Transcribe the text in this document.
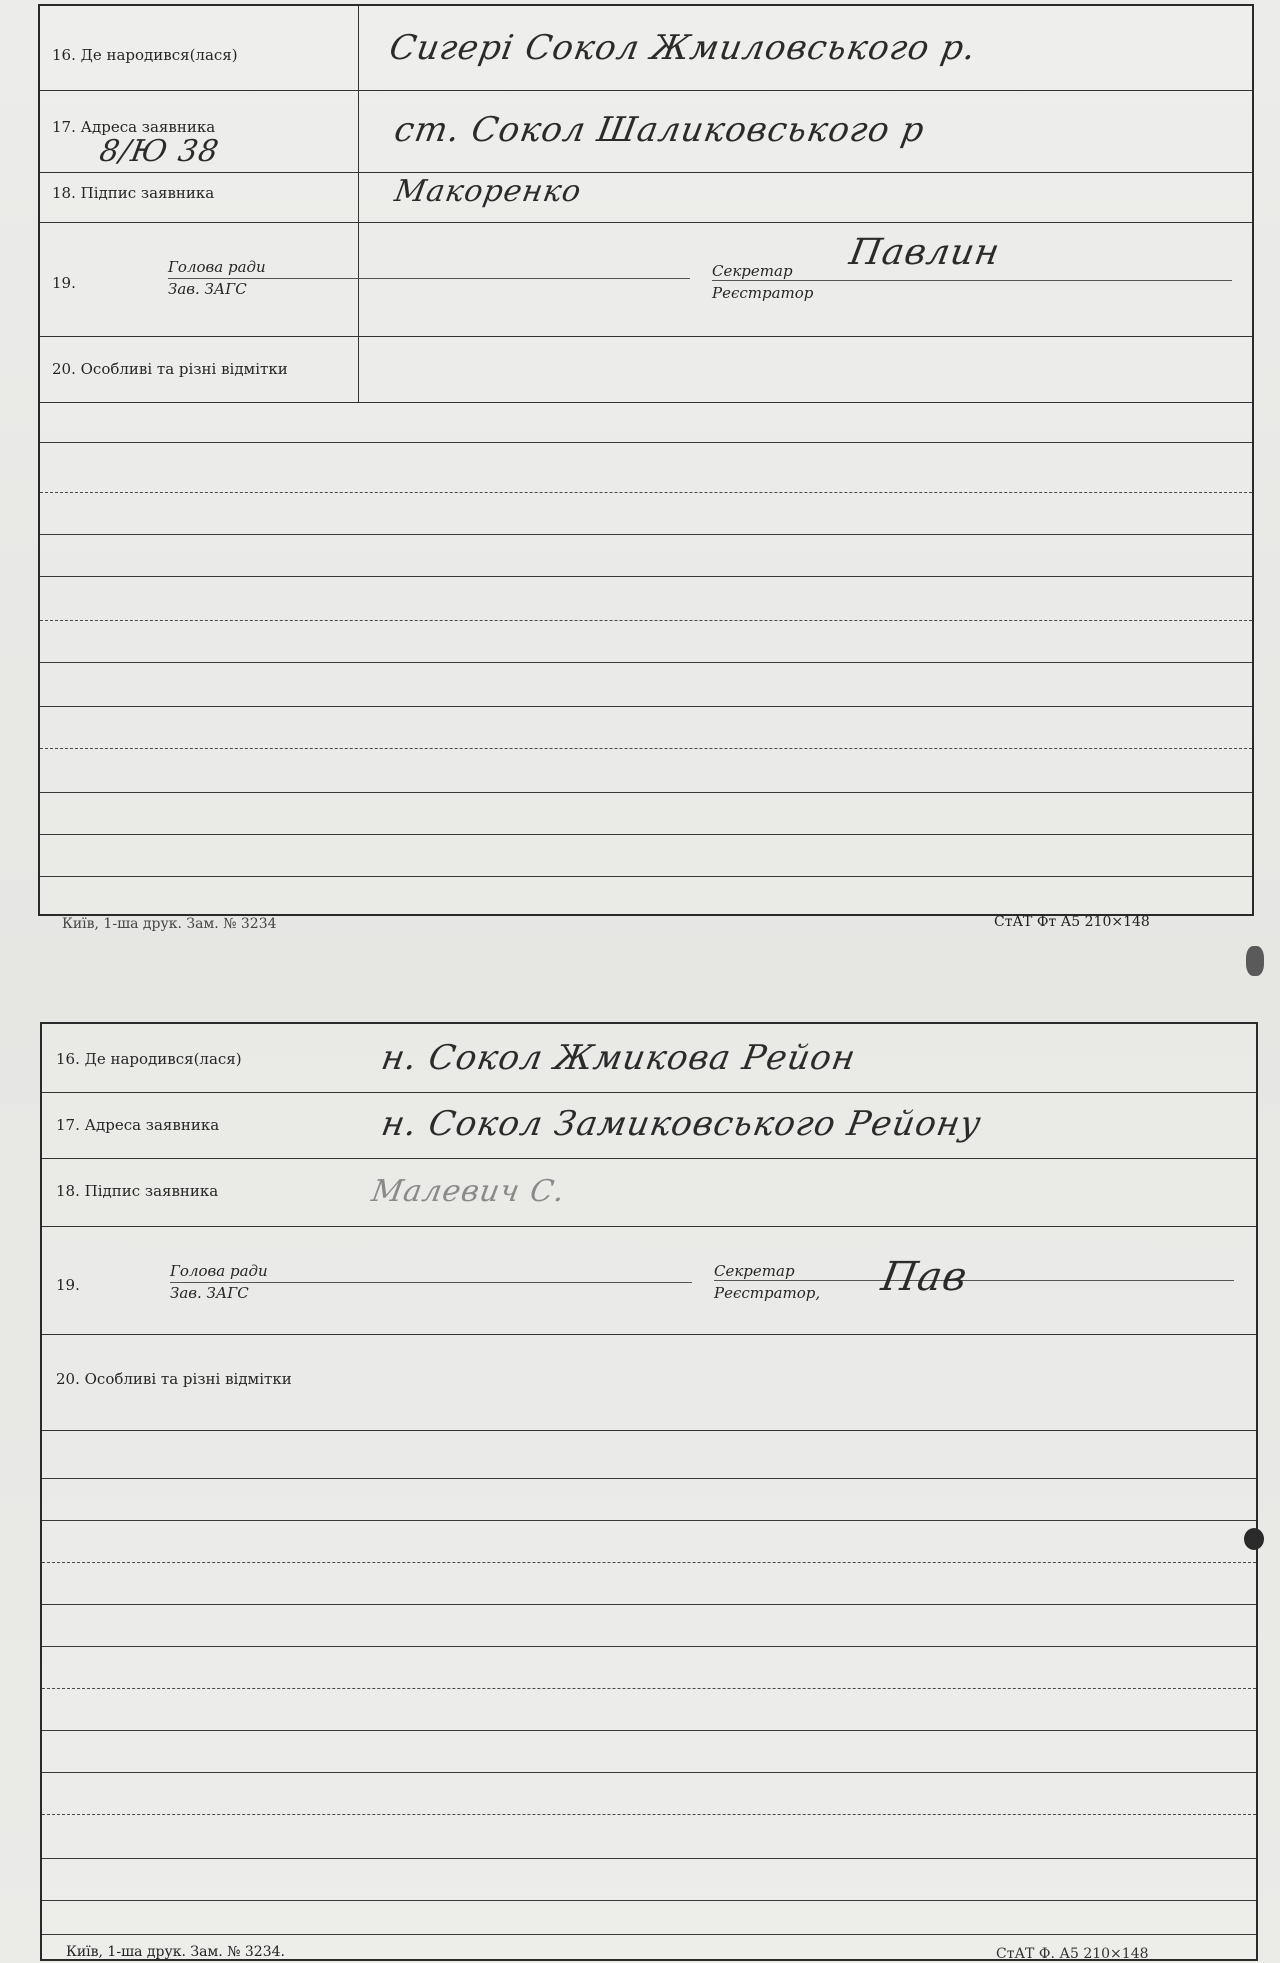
16. Де народився(лася)	Сигері Сокол Жмиловського р.
17. Адреса заявника	ст. Сокол Шаликовського р
8/Ю 38
18. Підпис заявника	Макоренко
19.
Голова ради
Зав. ЗАГС
Секретар
Реєстратор
Павлин
20. Особливі та різні відмітки
Київ, 1-ша друк. Зам. № 3234	СтАТ Фт А5 210×148
16. Де народився(лася)	н. Сокол Жмикова Рейон
17. Адреса заявника	н. Сокол Замиковського Рейону
18. Підпис заявника	Малевич С.
19.
Голова ради
Зав. ЗАГС
Секретар
Реєстратор, Пав
20. Особливі та різні відмітки
Київ, 1-ша друк. Зам. № 3234.	СтАТ Ф. А5 210×148
